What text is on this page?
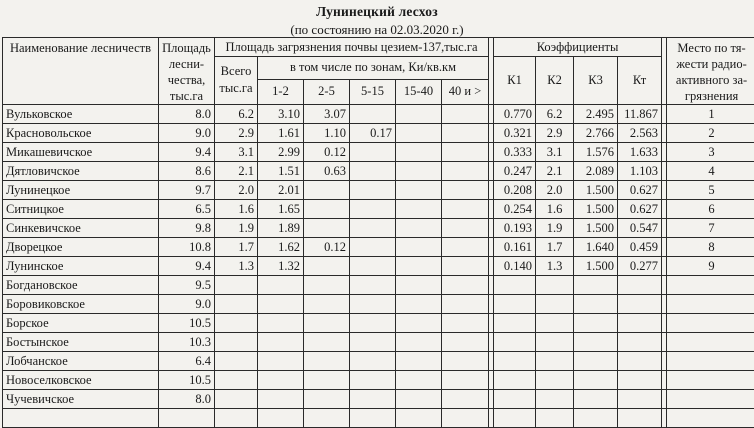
Лунинецкий лесхоз
(по состоянию на 02.03.2020 г.)
Наименование лесничеств	Площадь лесни-чества, тыс.га	Площадь загрязнения почвы цезием-137,тыс.га							Коэффициенты					Место по тя-жести радио-активного за-грязнения
		Всего тыс.га	в том числе по зонам, Ки/кв.км						К1	К2	К3	Кт		
			1-2	2-5	5-15	15-40	40 и >							

Вульковское	8.0	6.2	3.10	3.07					0.770	6.2	2.495	11.867		1
Красновольское	9.0	2.9	1.61	1.10	0.17				0.321	2.9	2.766	2.563		2
Микашевичское	9.4	3.1	2.99	0.12					0.333	3.1	1.576	1.633		3
Дятловичское	8.6	2.1	1.51	0.63					0.247	2.1	2.089	1.103		4
Лунинецкое	9.7	2.0	2.01						0.208	2.0	1.500	0.627		5
Ситницкое	6.5	1.6	1.65						0.254	1.6	1.500	0.627		6
Синкевичское	9.8	1.9	1.89						0.193	1.9	1.500	0.547		7
Дворецкое	10.8	1.7	1.62	0.12					0.161	1.7	1.640	0.459		8
Лунинское	9.4	1.3	1.32						0.140	1.3	1.500	0.277		9
Богдановское	9.5													
Боровиковское	9.0													
Борское	10.5													
Бостынское	10.3													
Лобчанское	6.4													
Новоселковское	10.5													
Чучевичское	8.0													
